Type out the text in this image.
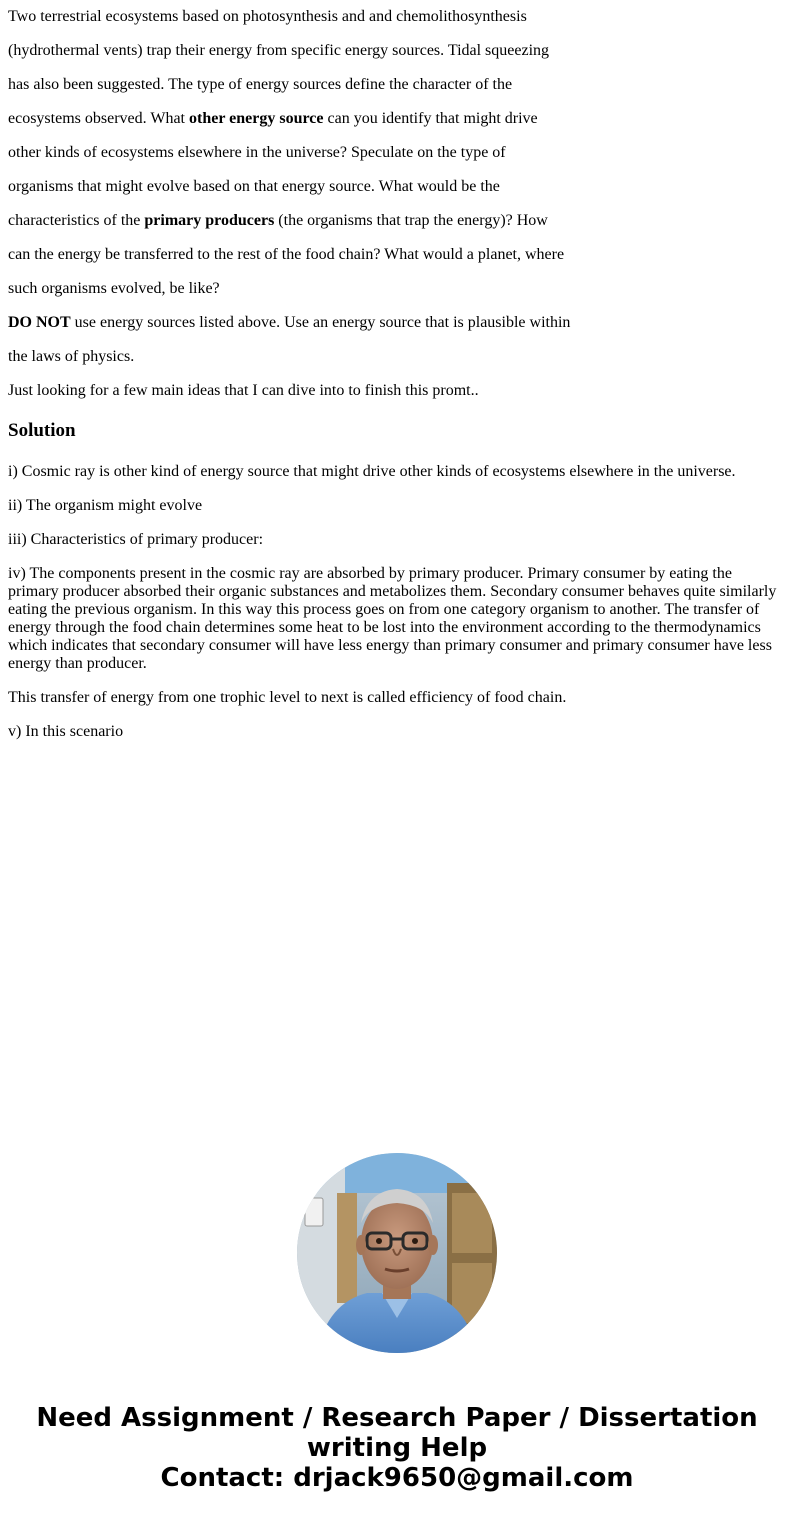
Two terrestrial ecosystems based on photosynthesis and and chemolithosynthesis

(hydrothermal vents) trap their energy from specific energy sources. Tidal squeezing

has also been suggested. The type of energy sources define the character of the

ecosystems observed. What other energy source can you identify that might drive

other kinds of ecosystems elsewhere in the universe? Speculate on the type of

organisms that might evolve based on that energy source. What would be the

characteristics of the primary producers (the organisms that trap the energy)? How

can the energy be transferred to the rest of the food chain? What would a planet, where

such organisms evolved, be like?

DO NOT use energy sources listed above. Use an energy source that is plausible within

the laws of physics.

Just looking for a few main ideas that I can dive into to finish this promt..

Solution

i) Cosmic ray is other kind of energy source that might drive other kinds of ecosystems elsewhere in the universe.

ii) The organism might evolve

iii) Characteristics of primary producer:

iv) The components present in the cosmic ray are absorbed by primary producer. Primary consumer by eating the primary producer absorbed their organic substances and metabolizes them. Secondary consumer behaves quite similarly eating the previous organism. In this way this process goes on from one category organism to another. The transfer of energy through the food chain determines some heat to be lost into the environment according to the thermodynamics which indicates that secondary consumer will have less energy than primary consumer and primary consumer have less energy than producer.

This transfer of energy from one trophic level to next is called efficiency of food chain.

v) In this scenario

Need Assignment / Research Paper / Dissertation
writing Help
Contact: drjack9650@gmail.com
